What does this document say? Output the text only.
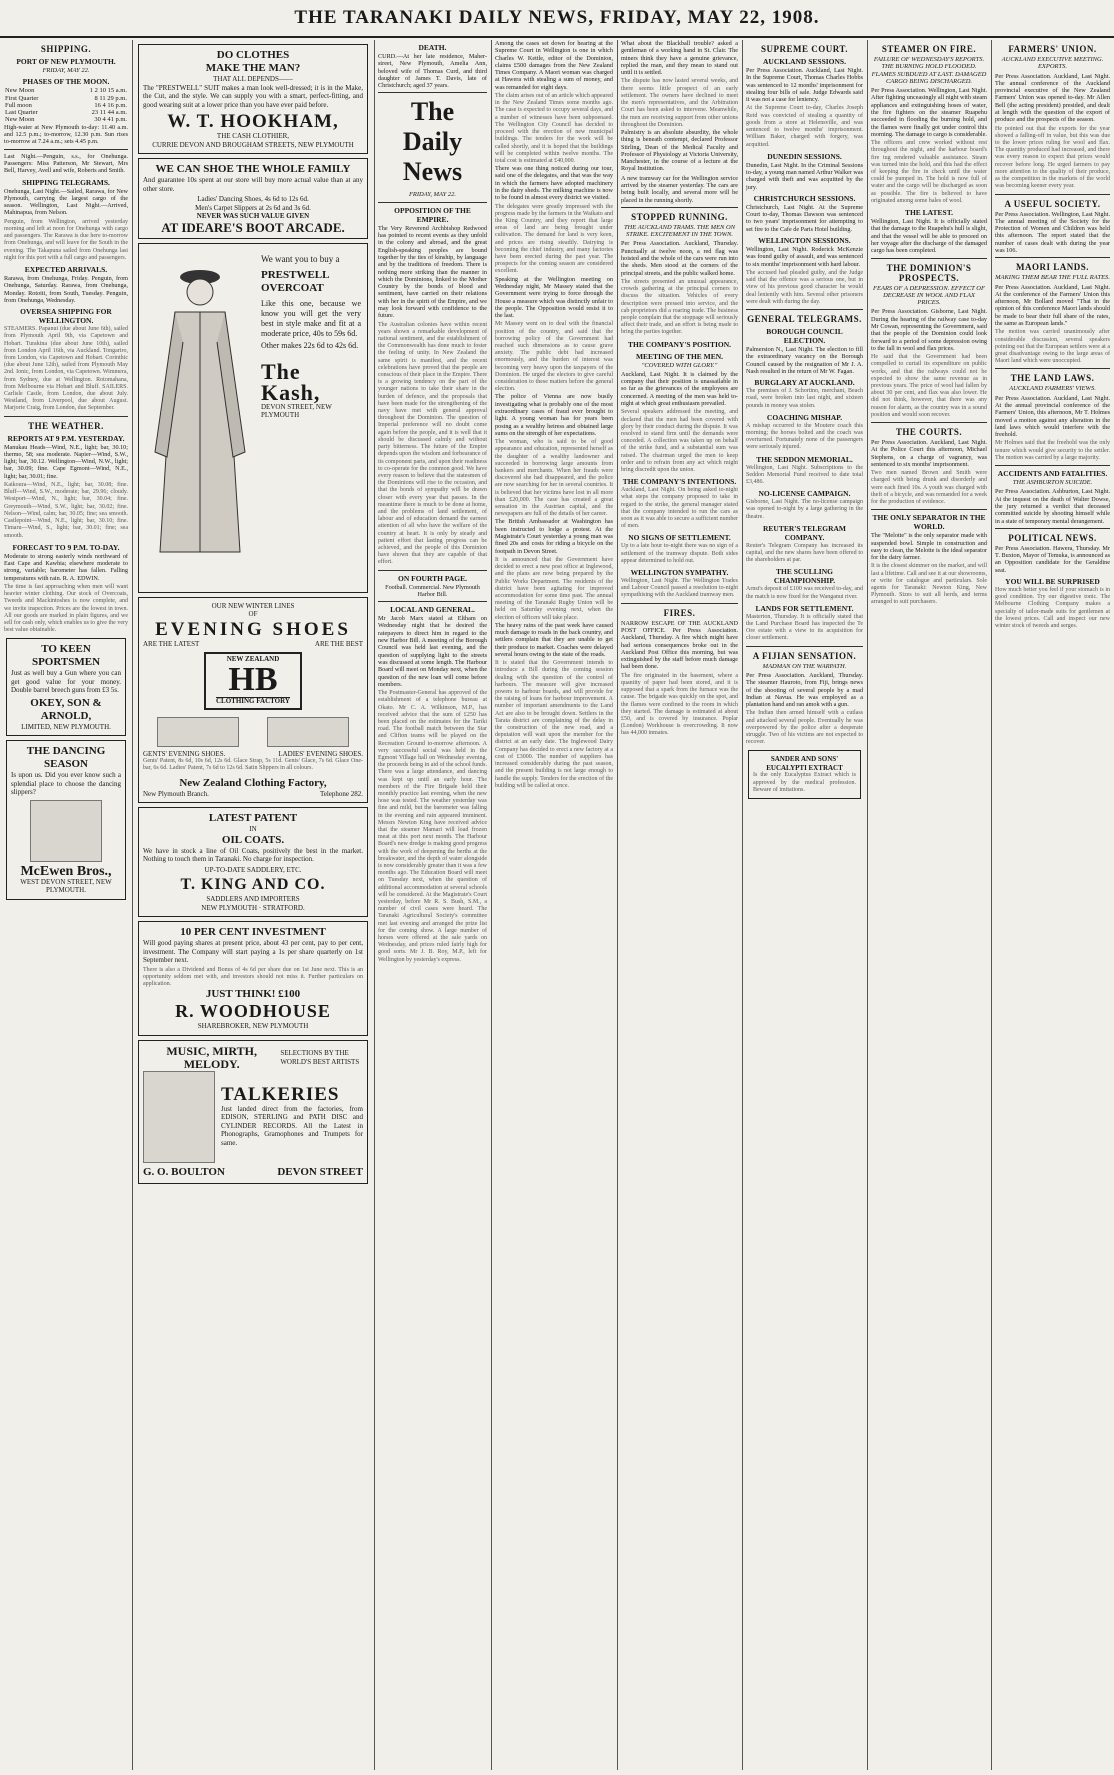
THE TARANAKI DAILY NEWS, FRIDAY, MAY 22, 1908.
SHIPPING.
PORT OF NEW PLYMOUTH.
FRIDAY, MAY 22.
PHASES OF THE MOON.
New Moon	1 2 10 15 a.m.
First Quarter	8 11 29 p.m.
Full moon	16 4 16 p.m.
Last Quarter	23 11 44 a.m.
New Moon	30 4 41 p.m.

High-water at New Plymouth to-day: 11.40 a.m. and 12.5 p.m.; to-morrow, 12.30 p.m. Sun rises to-morrow at 7.24 a.m.; sets 4.45 p.m.

Last Night.—Penguin, s.s., for Onehunga. Passengers: Miss Patterson, Mr Stewart, Mrs Bell, Harvey, Avell and wife, Roberts and Smith.

SHIPPING TELEGRAMS.

Onehunga, Last Night.—Sailed, Rarawa, for New Plymouth, carrying the largest cargo of the season. Wellington, Last Night.—Arrived, Mahinapua, from Nelson.

Penguin, from Wellington, arrived yesterday morning and left at noon for Onehunga with cargo and passengers. The Rarawa is due here to-morrow from Onehunga, and will leave for the South in the evening. The Takapuna sailed from Onehunga last night for this port with a full cargo and passengers.
EXPECTED ARRIVALS.

Rarawa, from Onehunga, Friday. Penguin, from Onehunga, Saturday. Rarawa, from Onehunga, Monday. Rotoiti, from South, Tuesday. Penguin, from Onehunga, Wednesday.

OVERSEA SHIPPING FOR WELLINGTON.
STEAMERS. Papanui (due about June 6th), sailed from Plymouth April 9th, via Capetown and Hobart. Turakina (due about June 10th), sailed from London April 16th, via Auckland. Tongariro, from London, via Capetown and Hobart. Corinthic (due about June 12th), sailed from Plymouth May 2nd. Ionic, from London, via Capetown. Wimmera, from Sydney, due at Wellington. Rotomahana, from Melbourne via Hobart and Bluff. SAILERS. Carlisle Castle, from London, due about July. Westland, from Liverpool, due about August. Marjorie Craig, from London, due September.
THE WEATHER.
REPORTS AT 9 P.M. YESTERDAY.

Manukau Heads—Wind, N.E., light; bar, 30.10; thermo, 58; sea moderate. Napier—Wind, S.W., light; bar, 30.12. Wellington—Wind, N.W., light; bar, 30.09; fine. Cape Egmont—Wind, N.E., light; bar, 30.01; fine.

Kaikoura—Wind, N.E., light; bar, 30.08; fine. Bluff—Wind, S.W., moderate; bar, 29.96; cloudy. Westport—Wind, N., light; bar, 30.04; fine. Greymouth—Wind, S.W., light; bar, 30.02; fine. Nelson—Wind, calm; bar, 30.05; fine; sea smooth. Castlepoint—Wind, N.E., light; bar, 30.10; fine. Timaru—Wind, S., light; bar, 30.01; fine; sea smooth.
FORECAST TO 9 P.M. TO-DAY.

Moderate to strong easterly winds northward of East Cape and Kawhia; elsewhere moderate to strong, variable; barometer has fallen. Falling temperatures with rain. R. A. EDWIN.

The time is fast approaching when men will want heavier winter clothing. Our stock of Overcoats, Tweeds and Mackintoshes is now complete, and we invite inspection. Prices are the lowest in town. All our goods are marked in plain figures, and we sell for cash only, which enables us to give the very best value obtainable.
TO KEEN SPORTSMEN

Just as well buy a Gun where you can get good value for your money. Double barrel breech guns from £3 5s.

OKEY, SON & ARNOLD,
LIMITED, NEW PLYMOUTH.
THE DANCING SEASON

Is upon us. Did you ever know such a splendial place to choose the dancing slippers?

McEwen Bros.,
WEST DEVON STREET, NEW PLYMOUTH.
DO CLOTHES
MAKE THE MAN?
THAT ALL DEPENDS——

The "PRESTWELL" SUIT makes a man look well-dressed; it is in the Make, the Cut, and the style. We can supply you with a smart, perfect-fitting, and good wearing suit at a lower price than you have ever paid before.

W. T. HOOKHAM,
THE CASH CLOTHIER,
CURRIE DEVON AND BROUGHAM STREETS, NEW PLYMOUTH
WE CAN SHOE THE WHOLE FAMILY

And guarantee 10s spent at our store will buy more actual value than at any other store.

Ladies' Dancing Shoes, 4s 6d to 12s 6d.
Men's Carpet Slippers at 2s 6d and 3s 6d.
NEVER WAS SUCH VALUE GIVEN
AT IDEARE'S BOOT ARCADE.
We want you to buy a
PRESTWELL OVERCOAT

Like this one, because we know you will get the very best in style make and fit at a moderate price, 40s to 59s 6d.

Other makes 22s 6d to 42s 6d.

The Kash,
DEVON STREET, NEW PLYMOUTH
OUR NEW WINTER LINES
OF
EVENING SHOES
ARE THE LATEST	ARE THE BEST
NEW ZEALAND
HB
CLOTHING FACTORY
GENTS' EVENING SHOES.	LADIES' EVENING SHOES.
Gents' Patent, 8s 6d, 10s 6d, 12s 6d. Glace Strap, 5s 11d. Gents' Glace, 7s 6d. Glace One-bar, 6s 6d. Ladies' Patent, 7s 6d to 12s 6d. Satin Slippers in all colours.
New Zealand Clothing Factory,
New Plymouth Branch.	Telephone 282.
LATEST PATENT
IN
OIL COATS.

We have in stock a line of Oil Coats, positively the best in the market. Nothing to touch them in Taranaki. No charge for inspection.

UP-TO-DATE SADDLERY, ETC.
T. KING AND CO.
SADDLERS AND IMPORTERS
NEW PLYMOUTH · STRATFORD.
10 PER CENT INVESTMENT

Will good paying shares at present price, about 43 per cent, pay to per cent, investment. The Company will start paying a 1s per share quarterly on 1st September next.

There is also a Dividend and Bonus of 4s 6d per share due on 1st June next. This is an opportunity seldom met with, and investors should not miss it. Further particulars on application.
JUST THINK! £100
R. WOODHOUSE
SHAREBROKER, NEW PLYMOUTH
MUSIC, MIRTH, MELODY.
SELECTIONS BY THE WORLD'S BEST ARTISTS
TALKERIES

Just landed direct from the factories, from EDISON, STERLING and PATH DISC and CYLINDER RECORDS. All the Latest in Phonographs, Gramophones and Trumpets for same.

G. O. BOULTON	DEVON STREET
DEATH.

CURD.—At her late residence, Maher-street, New Plymouth, Amelia Ann, beloved wife of Thomas Curd, and third daughter of James T. Davis, late of Christchurch; aged 37 years.

The Daily News
FRIDAY, MAY 22.
OPPOSITION OF THE EMPIRE.

The Very Reverend Archbishop Redwood has pointed to recent events as they unfold in the colony and abroad, and the great English-speaking peoples are bound together by the ties of kinship, by language and by the traditions of freedom. There is nothing more striking than the manner in which the Dominions, linked to the Mother Country by the bonds of blood and sentiment, have carried on their relations with her in the spirit of the Empire, and we may look forward with confidence to the future.

The Australian colonies have within recent years shown a remarkable development of national sentiment, and the establishment of the Commonwealth has done much to foster the feeling of unity. In New Zealand the same spirit is manifest, and the recent celebrations have proved that the people are conscious of their place in the Empire. There is a growing tendency on the part of the younger nations to take their share in the burden of defence, and the proposals that have been made for the strengthening of the navy have met with general approval throughout the Dominion. The question of Imperial preference will no doubt come again before the people, and it is well that it should be discussed calmly and without party bitterness. The future of the Empire depends upon the wisdom and forbearance of its component parts, and upon their readiness to co-operate for the common good. We have every reason to believe that the statesmen of the Dominions will rise to the occasion, and that the bonds of sympathy will be drawn closer with every year that passes. In the meantime there is much to be done at home, and the problems of land settlement, of labour and of education demand the earnest attention of all who have the welfare of the country at heart. It is only by steady and patient effort that lasting progress can be achieved, and the people of this Dominion have shown that they are capable of that effort.
ON FOURTH PAGE.

Football. Commercial. New Plymouth Harbor Bill.

LOCAL AND GENERAL.

Mr Jacob Marx stated at Eltham on Wednesday night that he desired the ratepayers to direct him in regard to the new Harbor Bill. A meeting of the Borough Council was held last evening, and the question of supplying light to the streets was discussed at some length. The Harbour Board will meet on Monday next, when the question of the new loan will come before members.

The Postmaster-General has approved of the establishment of a telephone bureau at Okato. Mr C. A. Wilkinson, M.P., has received advice that the sum of £250 has been placed on the estimates for the Tariki road. The football match between the Star and Clifton teams will be played on the Recreation Ground to-morrow afternoon. A very successful social was held in the Egmont Village hall on Wednesday evening, the proceeds being in aid of the school funds. There was a large attendance, and dancing was kept up until an early hour. The members of the Fire Brigade held their monthly practice last evening, when the new hose was tested. The weather yesterday was fine and mild, but the barometer was falling in the evening and rain appeared imminent. Messrs Newton King have received advice that the steamer Mamari will load frozen meat at this port next month. The Harbour Board's new dredge is making good progress with the work of deepening the berths at the breakwater, and the depth of water alongside is now considerably greater than it was a few months ago. The Education Board will meet on Tuesday next, when the question of additional accommodation at several schools will be considered. At the Magistrate's Court yesterday, before Mr R. S. Bush, S.M., a number of civil cases were heard. The Taranaki Agricultural Society's committee met last evening and arranged the prize list for the coming show. A large number of horses were offered at the sale yards on Wednesday, and prices ruled fairly high for good sorts. Mr J. B. Roy, M.P., left for Wellington by yesterday's express.

Among the cases set down for hearing at the Supreme Court in Wellington is one in which Charles W. Kettle, editor of the Dominion, claims £500 damages from the New Zealand Times Company. A Maori woman was charged at Hawera with stealing a sum of money, and was remanded for eight days.

The claim arises out of an article which appeared in the New Zealand Times some months ago. The case is expected to occupy several days, and a number of witnesses have been subpoenaed. The Wellington City Council has decided to proceed with the erection of new municipal buildings. The tenders for the work will be called shortly, and it is hoped that the buildings will be completed within twelve months. The total cost is estimated at £40,000.

There was one thing noticed during our tour, said one of the delegates, and that was the way in which the farmers have adopted machinery in the dairy sheds. The milking machine is now to be found in almost every district we visited.

The delegates were greatly impressed with the progress made by the farmers in the Waikato and the King Country, and they report that large areas of land are being brought under cultivation. The demand for land is very keen, and prices are rising steadily. Dairying is becoming the chief industry, and many factories have been erected during the past year. The prospects for the coming season are considered excellent.

Speaking at the Wellington meeting on Wednesday night, Mr Massey stated that the Government were trying to force through the House a measure which was distinctly unfair to the people. The Opposition would resist it to the last.

Mr Massey went on to deal with the financial position of the country, and said that the borrowing policy of the Government had reached such dimensions as to cause grave anxiety. The public debt had increased enormously, and the burden of interest was becoming very heavy upon the taxpayers of the Dominion. He urged the electors to give careful consideration to these matters before the general election.

The police of Vienna are now busily investigating what is probably one of the most extraordinary cases of fraud ever brought to light. A young woman has for years been posing as a wealthy heiress and obtained large sums on the strength of her expectations.

The woman, who is said to be of good appearance and education, represented herself as the daughter of a wealthy landowner and succeeded in borrowing large amounts from bankers and merchants. When her frauds were discovered she had disappeared, and the police are now searching for her in several countries. It is believed that her victims have lost in all more than £20,000. The case has created a great sensation in the Austrian capital, and the newspapers are full of the details of her career.

The British Ambassador at Washington has been instructed to lodge a protest. At the Magistrate's Court yesterday a young man was fined 20s and costs for riding a bicycle on the footpath in Devon Street.

It is announced that the Government have decided to erect a new post office at Inglewood, and the plans are now being prepared by the Public Works Department. The residents of the district have been agitating for improved accommodation for some time past. The annual meeting of the Taranaki Rugby Union will be held on Saturday evening next, when the election of officers will take place.

The heavy rains of the past week have caused much damage to roads in the back country, and settlers complain that they are unable to get their produce to market. Coaches were delayed several hours owing to the state of the roads.

It is stated that the Government intends to introduce a Bill during the coming session dealing with the question of the control of harbours. The measure will give increased powers to harbour boards, and will provide for the raising of loans for harbour improvement. A number of important amendments to the Land Act are also to be brought down. Settlers in the Tarata district are complaining of the delay in the construction of the new road, and a deputation will wait upon the member for the district at an early date. The Inglewood Dairy Company has decided to erect a new factory at a cost of £3000. The number of suppliers has increased considerably during the past season, and the present building is not large enough to handle the supply. Tenders for the erection of the building will be called at once.

What about the Blackball trouble? asked a gentleman of a working hand in St. Clair. The miners think they have a genuine grievance, replied the man, and they mean to stand out until it is settled.

The dispute has now lasted several weeks, and there seems little prospect of an early settlement. The owners have declined to meet the men's representatives, and the Arbitration Court has been asked to intervene. Meanwhile, the men are receiving support from other unions throughout the Dominion.

Palmistry is an absolute absurdity, the whole thing is beneath contempt, declared Professor Stirling, Dean of the Medical Faculty and Professor of Physiology at Victoria University, Manchester, in the course of a lecture at the Royal Institution.

A new tramway car for the Wellington service arrived by the steamer yesterday. The cars are being built locally, and several more will be placed in the running shortly.

STOPPED RUNNING.
THE AUCKLAND TRAMS. THE MEN ON STRIKE. EXCITEMENT IN THE TOWN.

Per Press Association. Auckland, Thursday. Punctually at twelve noon, a red flag was hoisted and the whole of the cars were run into the sheds. Men stood at the corners of the principal streets, and the public walked home.

The streets presented an unusual appearance, crowds gathering at the principal corners to discuss the situation. Vehicles of every description were pressed into service, and the cab proprietors did a roaring trade. The business people complain that the stoppage will seriously affect their trade, and an effort is being made to bring the parties together.
THE COMPANY'S POSITION.
MEETING OF THE MEN.
"COVERED WITH GLORY."

Auckland, Last Night. It is claimed by the company that their position is unassailable in so far as the grievances of the employees are concerned. A meeting of the men was held to-night at which great enthusiasm prevailed.

Several speakers addressed the meeting, and declared that the men had been covered with glory by their conduct during the dispute. It was resolved to stand firm until the demands were conceded. A collection was taken up on behalf of the strike fund, and a substantial sum was raised. The chairman urged the men to keep order and to refrain from any act which might bring discredit upon the union.
THE COMPANY'S INTENTIONS.
Auckland, Last Night. On being asked to-night what steps the company proposed to take in regard to the strike, the general manager stated that the company intended to run the cars as soon as it was able to secure a sufficient number of men.
NO SIGNS OF SETTLEMENT.
Up to a late hour to-night there was no sign of a settlement of the tramway dispute. Both sides appear determined to hold out.
WELLINGTON SYMPATHY.
Wellington, Last Night. The Wellington Trades and Labour Council passed a resolution to-night sympathising with the Auckland tramway men.
FIRES.

NARROW ESCAPE OF THE AUCKLAND POST OFFICE. Per Press Association. Auckland, Thursday. A fire which might have had serious consequences broke out in the Auckland Post Office this morning, but was extinguished by the staff before much damage had been done.

The fire originated in the basement, where a quantity of paper had been stored, and it is supposed that a spark from the furnace was the cause. The brigade was quickly on the spot, and the flames were confined to the room in which they started. The damage is estimated at about £50, and is covered by insurance. Poplar (London) Workhouse is overcrowding. It now has 44,000 inmates.
SUPREME COURT.
AUCKLAND SESSIONS.

Per Press Association. Auckland, Last Night. In the Supreme Court, Thomas Charles Hobbs was sentenced to 12 months' imprisonment for stealing four bills of sale. Judge Edwards said it was not a case for leniency.

At the Supreme Court to-day, Charles Joseph Reid was convicted of stealing a quantity of goods from a store at Helensville, and was sentenced to twelve months' imprisonment. William Baker, charged with forgery, was acquitted.
DUNEDIN SESSIONS.

Dunedin, Last Night. In the Criminal Sessions to-day, a young man named Arthur Walker was charged with theft and was acquitted by the jury.

CHRISTCHURCH SESSIONS.

Christchurch, Last Night. At the Supreme Court to-day, Thomas Dawson was sentenced to two years' imprisonment for attempting to set fire to the Cafe de Paris Hotel building.

WELLINGTON SESSIONS.

Wellington, Last Night. Roderick McKenzie was found guilty of assault, and was sentenced to six months' imprisonment with hard labour.

The accused had pleaded guilty, and the Judge said that the offence was a serious one, but in view of his previous good character he would deal leniently with him. Several other prisoners were dealt with during the day.
GENERAL TELEGRAMS.
BOROUGH COUNCIL ELECTION.

Palmerston N., Last Night. The election to fill the extraordinary vacancy on the Borough Council caused by the resignation of Mr J. A. Nash resulted in the return of Mr W. Fagan.

BURGLARY AT AUCKLAND.
The premises of J. Schortino, merchant, Beach road, were broken into last night, and sixteen pounds in money was stolen.
COACHING MISHAP.
A mishap occurred to the Moutere coach this morning; the horses bolted and the coach was overturned. Fortunately none of the passengers were seriously injured.
THE SEDDON MEMORIAL.
Wellington, Last Night. Subscriptions to the Seddon Memorial Fund received to date total £3,486.
NO-LICENSE CAMPAIGN.
Gisborne, Last Night. The no-license campaign was opened to-night by a large gathering in the theatre.
REUTER'S TELEGRAM COMPANY.
Reuter's Telegram Company has increased its capital, and the new shares have been offered to the shareholders at par.
THE SCULLING CHAMPIONSHIP.
Arnst's deposit of £100 was received to-day, and the match is now fixed for the Wanganui river.
LANDS FOR SETTLEMENT.
Masterton, Thursday. It is officially stated that the Land Purchase Board has inspected the Te Ore estate with a view to its acquisition for closer settlement.
A FIJIAN SENSATION.
MADMAN ON THE WARPATH.

Per Press Association. Auckland, Thursday. The steamer Hauroto, from Fiji, brings news of the shooting of several people by a mad Indian at Navua. He was employed as a plantation hand and ran amok with a gun.

The Indian then armed himself with a cutlass and attacked several people. Eventually he was overpowered by the police after a desperate struggle. Two of his victims are not expected to recover.
SANDER AND SONS' EUCALYPTI EXTRACT
Is the only Eucalyptus Extract which is approved by the medical profession. Beware of imitations.
STEAMER ON FIRE.
FAILURE OF WEDNESDAY'S REPORTS. THE BURNING HOLD FLOODED. FLAMES SUBDUED AT LAST. DAMAGED CARGO BEING DISCHARGED.

Per Press Association. Wellington, Last Night. After fighting unceasingly all night with steam appliances and extinguishing hoses of water, the fire fighters on the steamer Ruapehu succeeded in flooding the burning hold, and the flames were finally got under control this morning. The damage to cargo is considerable.

The officers and crew worked without rest throughout the night, and the harbour board's fire tug rendered valuable assistance. Steam was turned into the hold, and this had the effect of keeping the fire in check until the water could be pumped in. The hold is now full of water and the cargo will be discharged as soon as possible. The fire is believed to have originated among some bales of wool.
THE LATEST.

Wellington, Last Night. It is officially stated that the damage to the Ruapehu's hull is slight, and that the vessel will be able to proceed on her voyage after the discharge of the damaged cargo has been completed.

THE DOMINION'S PROSPECTS.
FEARS OF A DEPRESSION. EFFECT OF DECREASE IN WOOL AND FLAX PRICES.

Per Press Association. Gisborne, Last Night. During the hearing of the railway case to-day Mr Cowan, representing the Government, said that the people of the Dominion could look forward to a period of some depression owing to the fall in wool and flax prices.

He said that the Government had been compelled to curtail its expenditure on public works, and that the railways could not be expected to show the same revenue as in previous years. The price of wool had fallen by about 30 per cent, and flax was also lower. He did not think, however, that there was any reason for alarm, as the country was in a sound position and would soon recover.
THE COURTS.

Per Press Association. Auckland, Last Night. At the Police Court this afternoon, Michael Stephens, on a charge of vagrancy, was sentenced to six months' imprisonment.

Two men named Brown and Smith were charged with being drunk and disorderly and were each fined 10s. A youth was charged with theft of a bicycle, and was remanded for a week for the production of evidence.
THE ONLY SEPARATOR IN THE WORLD.

The "Melotte" is the only separator made with suspended bowl. Simple in construction and easy to clean, the Melotte is the ideal separator for the dairy farmer.

It is the closest skimmer on the market, and will last a lifetime. Call and see it at our showrooms, or write for catalogue and particulars. Sole agents for Taranaki: Newton King, New Plymouth. Sizes to suit all herds, and terms arranged to suit purchasers.
FARMERS' UNION.
AUCKLAND EXECUTIVE MEETING. EXPORTS.

Per Press Association. Auckland, Last Night. The annual conference of the Auckland provincial executive of the New Zealand Farmers' Union was opened to-day. Mr Allen Bell (the acting president) presided, and dealt at length with the question of the export of produce and the prospects of the season.

He pointed out that the exports for the year showed a falling-off in value, but this was due to the lower prices ruling for wool and flax. The quantity produced had increased, and there was every reason to expect that prices would recover before long. He urged farmers to pay more attention to the quality of their produce, as the competition in the markets of the world was becoming keener every year.
A USEFUL SOCIETY.

Per Press Association. Wellington, Last Night. The annual meeting of the Society for the Protection of Women and Children was held this afternoon. The report stated that the number of cases dealt with during the year was 106.

MAORI LANDS.
MAKING THEM BEAR THE FULL RATES.

Per Press Association. Auckland, Last Night. At the conference of the Farmers' Union this afternoon, Mr Bollard moved "That in the opinion of this conference Maori lands should be made to bear their full share of the rates, the same as European lands."

The motion was carried unanimously after considerable discussion, several speakers pointing out that the European settlers were at a great disadvantage owing to the large areas of Maori land which were unoccupied.
THE LAND LAWS.
AUCKLAND FARMERS' VIEWS.

Per Press Association. Auckland, Last Night. At the annual provincial conference of the Farmers' Union, this afternoon, Mr T. Holmes moved a motion against any alteration in the land laws which would interfere with the freehold.

Mr Holmes said that the freehold was the only tenure which would give security to the settler. The motion was carried by a large majority.
ACCIDENTS AND FATALITIES.
THE ASHBURTON SUICIDE.

Per Press Association. Ashburton, Last Night. At the inquest on the death of Walter Dowse, the jury returned a verdict that deceased committed suicide by shooting himself while in a state of temporary mental derangement.

POLITICAL NEWS.

Per Press Association. Hawera, Thursday. Mr T. Buxton, Mayor of Temuka, is announced as an Opposition candidate for the Geraldine seat.

YOU WILL BE SURPRISED
How much better you feel if your stomach is in good condition. Try our digestive tonic. The Melbourne Clothing Company makes a specialty of tailor-made suits for gentlemen at the lowest prices. Call and inspect our new winter stock of tweeds and serges.
